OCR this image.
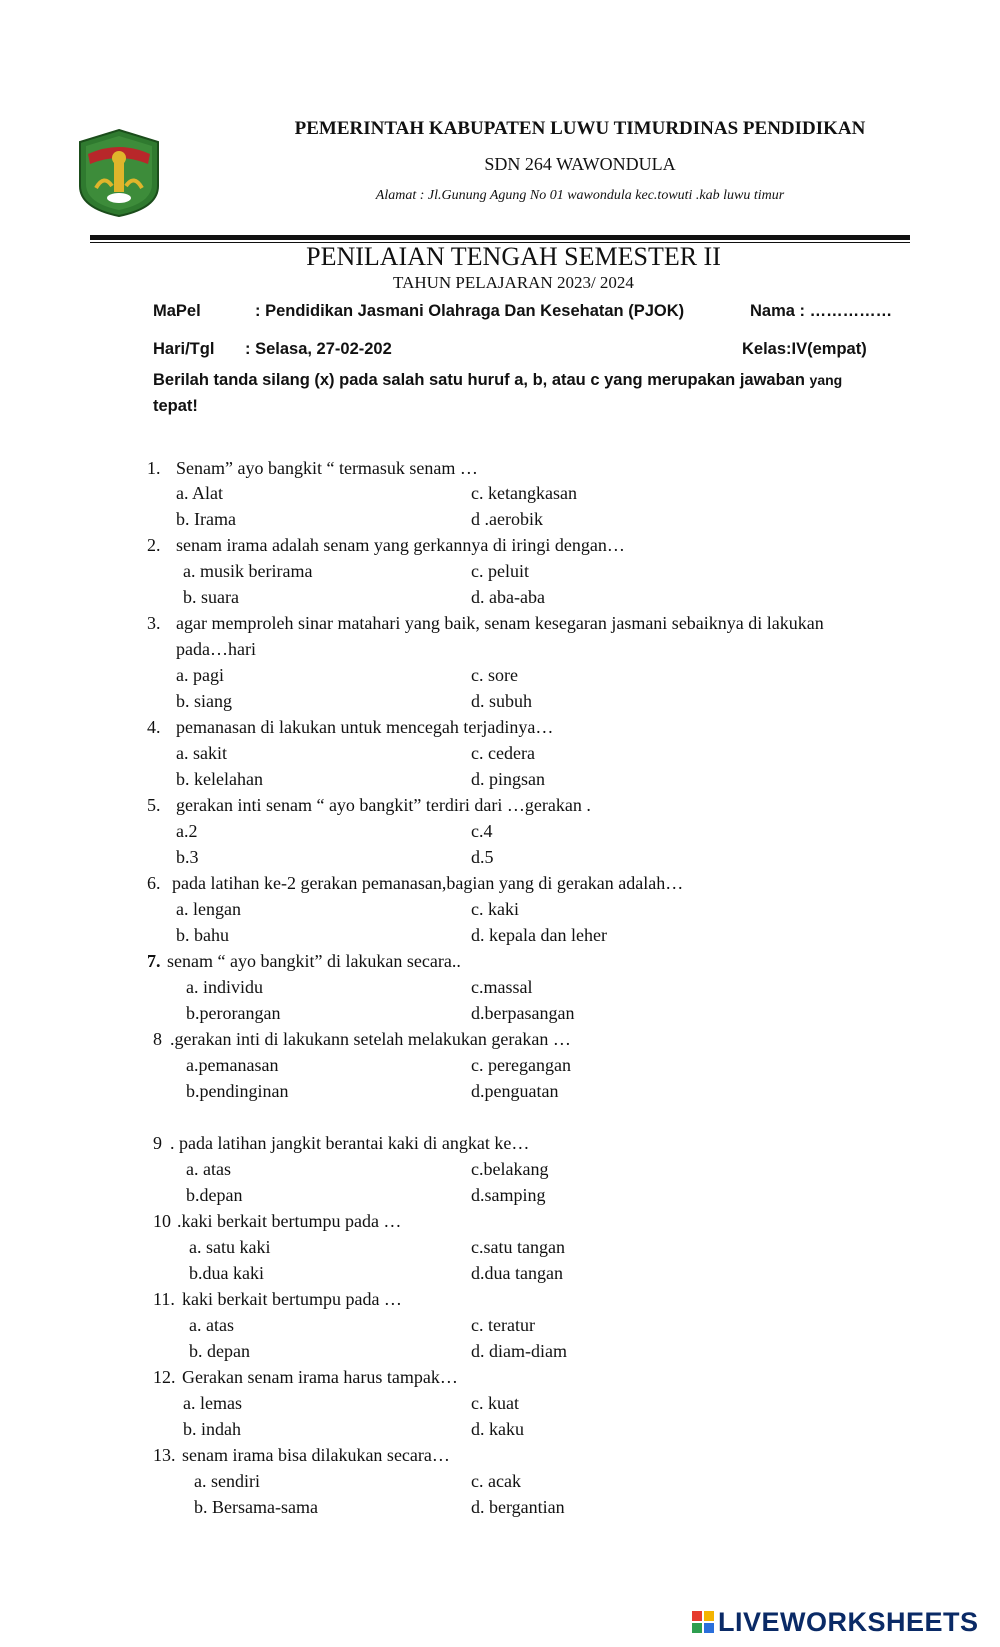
PEMERINTAH KABUPATEN LUWU TIMURDINAS PENDIDIKAN
SDN 264 WAWONDULA
Alamat : Jl.Gunung Agung No 01 wawondula kec.towuti .kab luwu timur
PENILAIAN TENGAH SEMESTER II
TAHUN PELAJARAN 2023/ 2024
MaPel	: Pendidikan Jasmani Olahraga Dan Kesehatan (PJOK)	Nama : ……………
Hari/Tgl : Selasa, 27-02-202	Kelas:IV(empat)
Berilah tanda silang (x) pada salah satu huruf a, b, atau c yang merupakan jawaban yang
tepat!
1. Senam” ayo bangkit “ termasuk senam …
a. Alat	c. ketangkasan
b. Irama	d .aerobik
2. senam irama adalah senam yang gerkannya di iringi dengan…
a. musik berirama	c. peluit
b. suara	d. aba-aba
3. agar memproleh sinar matahari yang baik, senam kesegaran jasmani sebaiknya di lakukan
pada…hari
a. pagi	c. sore
b. siang	d. subuh
4. pemanasan di lakukan untuk mencegah terjadinya…
a. sakit	c. cedera
b. kelelahan	d. pingsan
5. gerakan inti senam “ ayo bangkit” terdiri dari …gerakan .
a.2	c.4
b.3	d.5
6. pada latihan ke-2 gerakan pemanasan,bagian yang di gerakan adalah…
a. lengan	c. kaki
b. bahu	d. kepala dan leher
7. senam “ ayo bangkit” di lakukan secara..
a. individu	c.massal
b.perorangan	d.berpasangan
8 .gerakan inti di lakukann setelah melakukan gerakan …
a.pemanasan	c. peregangan
b.pendinginan	d.penguatan
9 . pada latihan jangkit berantai kaki di angkat ke…
a. atas	c.belakang
b.depan	d.samping
10 .kaki berkait bertumpu pada …
a. satu kaki	c.satu tangan
b.dua kaki	d.dua tangan
11. kaki berkait bertumpu pada …
a. atas	c. teratur
b. depan	d. diam-diam
12. Gerakan senam irama harus tampak…
a. lemas	c. kuat
b. indah	d. kaku
13. senam irama bisa dilakukan secara…
a. sendiri	c. acak
b. Bersama-sama	d. bergantian
LIVEWORKSHEETS
